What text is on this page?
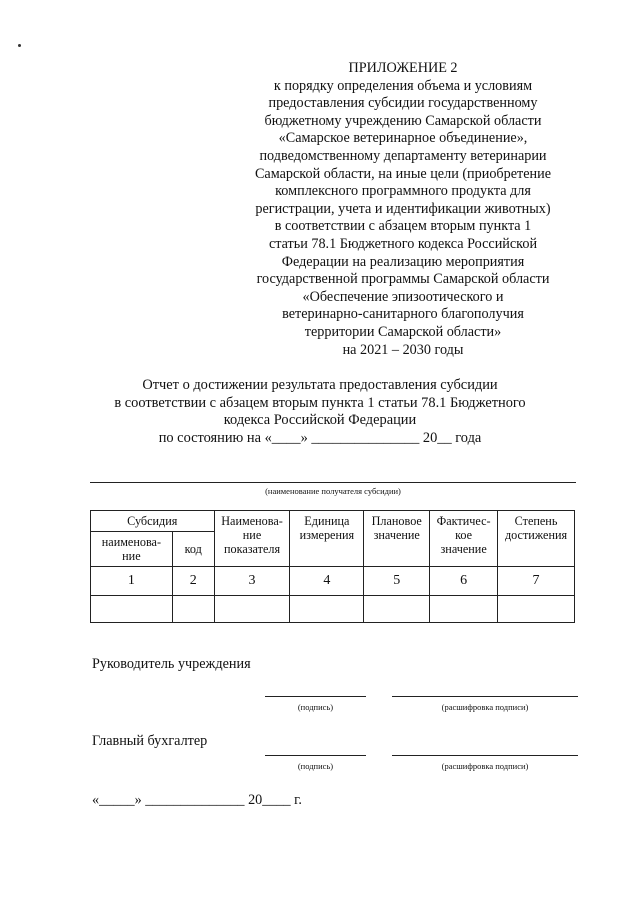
ПРИЛОЖЕНИЕ 2
к порядку определения объема и условиям
предоставления субсидии государственному
бюджетному учреждению Самарской области
«Самарское ветеринарное объединение»,
подведомственному департаменту ветеринарии
Самарской области, на иные цели (приобретение
комплексного программного продукта для
регистрации, учета и идентификации животных)
в соответствии с абзацем вторым пункта 1
статьи 78.1 Бюджетного кодекса Российской
Федерации на реализацию мероприятия
государственной программы Самарской области
«Обеспечение эпизоотического и
ветеринарно-санитарного благополучия
территории Самарской области»
на 2021 – 2030 годы
Отчет о достижении результата предоставления субсидии
в соответствии с абзацем вторым пункта 1 статьи 78.1 Бюджетного
кодекса Российской Федерации
по состоянию на «____» _______________ 20__ года
(наименование получателя субсидии)
Субсидия		Наименова-ние показателя	Единица измерения	Плановое значение	Фактичес-кое значение	Степень достижения
наименова-ние	код					
1	2	3	4	5	6	7

Руководитель учреждения
(подпись)	(расшифровка подписи)
Главный бухгалтер
(подпись)	(расшифровка подписи)
«_____» ______________ 20____ г.
